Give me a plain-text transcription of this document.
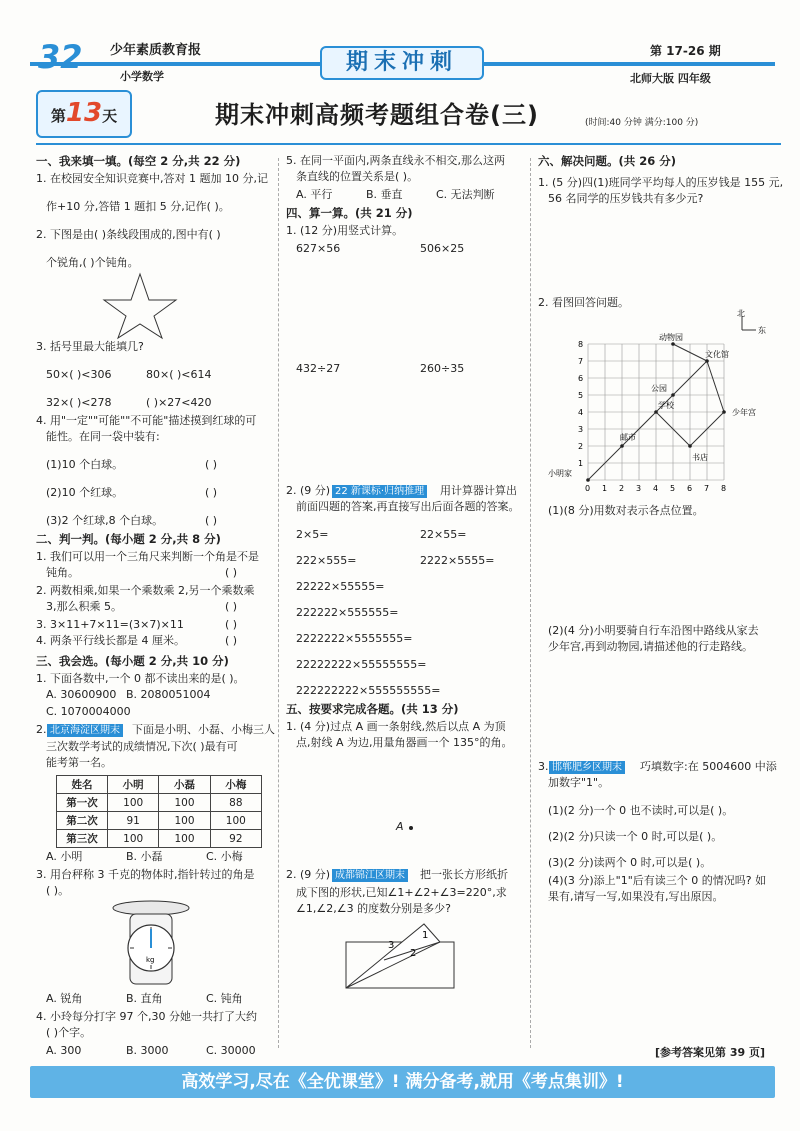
32 少年素质教育报
小学数学
期末冲刺	第 17-26 期
北师大版 四年级
第13天	期末冲刺高频考题组合卷(三)	(时间:40 分钟 满分:100 分)
一、我来填一填。(每空 2 分,共 22 分)
1. 在校园安全知识竞赛中,答对 1 题加 10 分,记
作+10 分,答错 1 题扣 5 分,记作( )。
2. 下图是由( )条线段围成的,图中有( )
个锐角,( )个钝角。
3. 括号里最大能填几?
50×( )<306	80×( )<614
32×( )<278	( )×27<420
4. 用"一定""可能""不可能"描述摸到红球的可
能性。在同一袋中装有:
(1)10 个白球。	( )
(2)10 个红球。	( )
(3)2 个红球,8 个白球。	( )
二、判一判。(每小题 2 分,共 8 分)
1. 我们可以用一个三角尺来判断一个角是不是
钝角。	( )
2. 两数相乘,如果一个乘数乘 2,另一个乘数乘
3,那么积乘 5。	( )
3. 3×11+7×11=(3×7)×11	( )
4. 两条平行线长都是 4 厘米。	( )
三、我会选。(每小题 2 分,共 10 分)
1. 下面各数中,一个 0 都不读出来的是( )。
A. 30600900 B. 2080051004
C. 1070004000
2. 北京海淀区期末 下面是小明、小磊、小梅三人
三次数学考试的成绩情况,下次( )最有可
能考第一名。
姓名	小明	小磊	小梅
第一次	100	100	88
第二次	91	100	100
第三次	100	100	92
A. 小明	B. 小磊	C. 小梅
3. 用台秤称 3 千克的物体时,指针转过的角是
( )。
kg
A. 锐角	B. 直角	C. 钝角
4. 小玲每分打字 97 个,30 分她一共打了大约
( )个字。
A. 300	B. 3000	C. 30000
5. 在同一平面内,两条直线永不相交,那么这两
条直线的位置关系是( )。
A. 平行	B. 垂直	C. 无法判断
四、算一算。(共 21 分)
1. (12 分)用竖式计算。
627×56	506×25
432÷27	260÷35
2. (9 分) 22 新课标·归纳推理 用计算器计算出
前面四题的答案,再直接写出后面各题的答案。
2×5=	22×55=
222×555=	2222×5555=
22222×55555=
222222×555555=
2222222×5555555=
22222222×55555555=
222222222×555555555=
五、按要求完成各题。(共 13 分)
1. (4 分)过点 A 画一条射线,然后以点 A 为顶
点,射线 A 为边,用量角器画一个 135°的角。
A
2. (9 分) 成都锦江区期末 把一张长方形纸折
成下图的形状,已知∠1+∠2+∠3=220°,求
∠1,∠2,∠3 的度数分别是多少?
1
2
3
六、解决问题。(共 26 分)
1. (5 分)四(1)班同学平均每人的压岁钱是 155 元,
56 名同学的压岁钱共有多少元?
2. 看图回答问题。
北
东
动物园
文化馆
公园
学校
少年宫
邮市
书店
小明家
0 1 2 3 4 5 6 7 8
1
2
3
4
5
6
7
8
(1)(8 分)用数对表示各点位置。
(2)(4 分)小明要骑自行车沿图中路线从家去
少年宫,再到动物园,请描述他的行走路线。
3. 邯郸肥乡区期末 巧填数字:在 5004600 中添
加数字"1"。
(1)(2 分)一个 0 也不读时,可以是( )。
(2)(2 分)只读一个 0 时,可以是( )。
(3)(2 分)读两个 0 时,可以是( )。
(4)(3 分)添上"1"后有读三个 0 的情况吗? 如
果有,请写一写,如果没有,写出原因。
[参考答案见第 39 页]
高效学习,尽在《全优课堂》! 满分备考,就用《考点集训》!
